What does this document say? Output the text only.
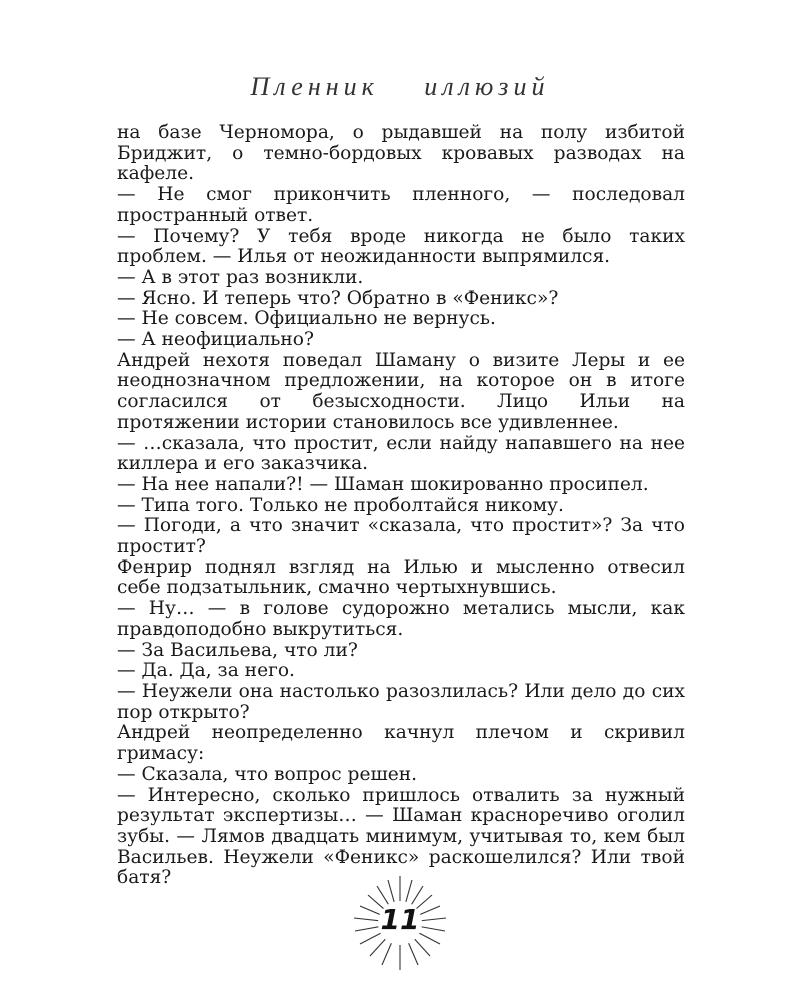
Пленник иллюзий

на базе Черномора, о рыдавшей на полу избитой Бриджит, о темно-бордовых кровавых разводах на кафеле.

— Не смог прикончить пленного, — последовал пространный ответ.

— Почему? У тебя вроде никогда не было таких проблем. — Илья от неожиданности выпрямился.

— А в этот раз возникли.

— Ясно. И теперь что? Обратно в «Феникс»?

— Не совсем. Официально не вернусь.

— А неофициально?

Андрей нехотя поведал Шаману о визите Леры и ее неоднозначном предложении, на которое он в итоге согласился от безысходности. Лицо Ильи на протяжении истории становилось все удивленнее.

— …сказала, что простит, если найду напавшего на нее киллера и его заказчика.

— На нее напали?! — Шаман шокированно просипел.

— Типа того. Только не проболтайся никому.

— Погоди, а что значит «сказала, что простит»? За что простит?

Фенрир поднял взгляд на Илью и мысленно отвесил себе подзатыльник, смачно чертыхнувшись.

— Ну… — в голове судорожно метались мысли, как правдоподобно выкрутиться.

— За Васильева, что ли?

— Да. Да, за него.

— Неужели она настолько разозлилась? Или дело до сих пор открыто?

Андрей неопределенно качнул плечом и скривил гримасу:

— Сказала, что вопрос решен.

— Интересно, сколько пришлось отвалить за нужный результат экспертизы… — Шаман красноречиво оголил зубы. — Лямов двадцать минимум, учитывая то, кем был Васильев. Неужели «Феникс» раскошелился? Или твой батя?

11
